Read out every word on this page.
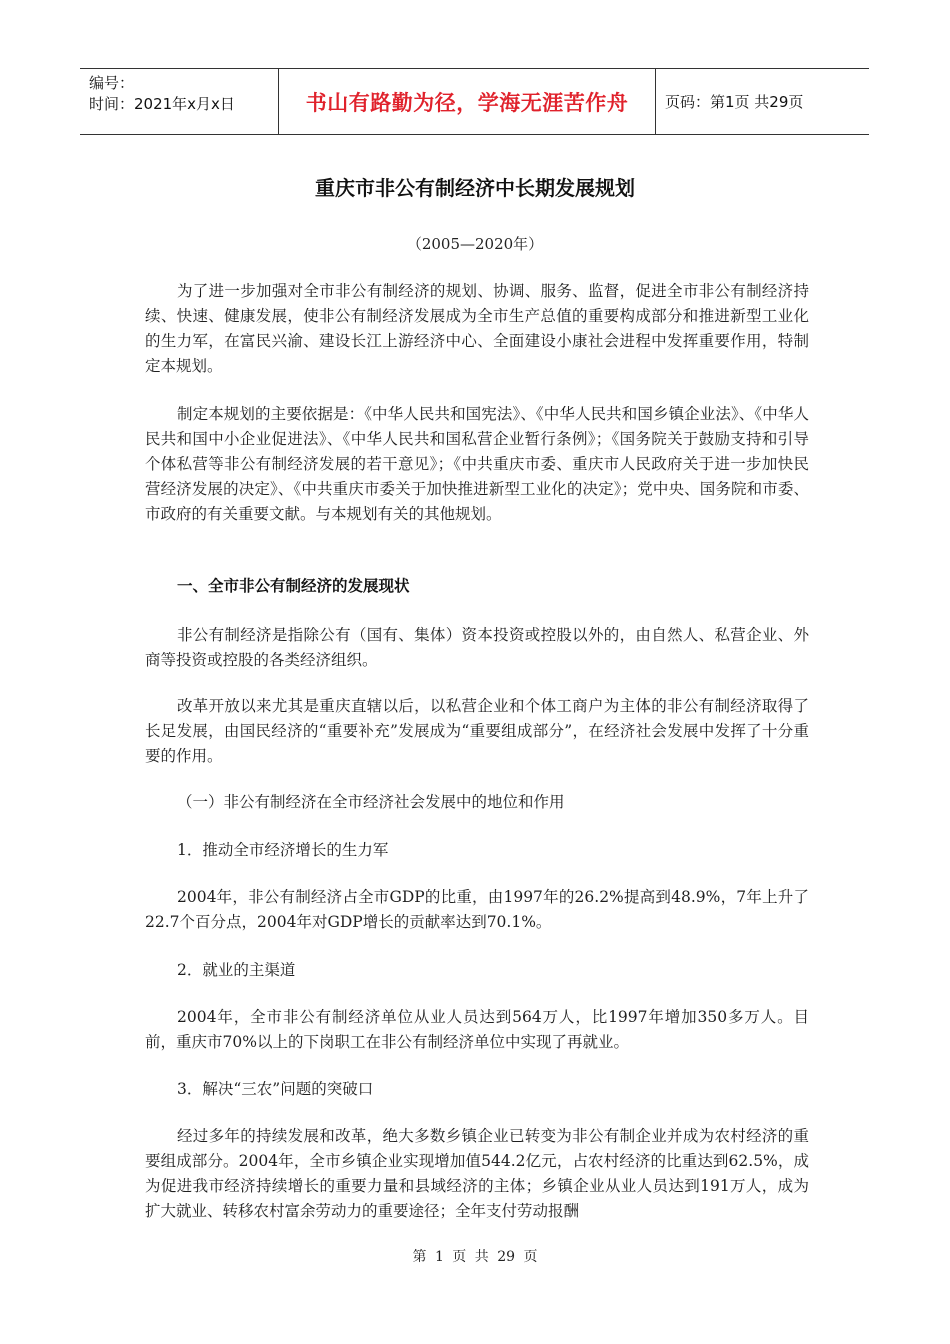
编号：
时间：2021年x月x日	书山有路勤为径，学海无涯苦作舟	页码：第1页 共29页
重庆市非公有制经济中长期发展规划
（2005—2020年）

为了进一步加强对全市非公有制经济的规划、协调、服务、监督，促进全市非公有制经济持续、快速、健康发展，使非公有制经济发展成为全市生产总值的重要构成部分和推进新型工业化的生力军，在富民兴渝、建设长江上游经济中心、全面建设小康社会进程中发挥重要作用，特制定本规划。

制定本规划的主要依据是：《中华人民共和国宪法》、《中华人民共和国乡镇企业法》、《中华人民共和国中小企业促进法》、《中华人民共和国私营企业暂行条例》；《国务院关于鼓励支持和引导个体私营等非公有制经济发展的若干意见》；《中共重庆市委、重庆市人民政府关于进一步加快民营经济发展的决定》、《中共重庆市委关于加快推进新型工业化的决定》；党中央、国务院和市委、市政府的有关重要文献。与本规划有关的其他规划。

一、全市非公有制经济的发展现状

非公有制经济是指除公有（国有、集体）资本投资或控股以外的，由自然人、私营企业、外商等投资或控股的各类经济组织。

改革开放以来尤其是重庆直辖以后，以私营企业和个体工商户为主体的非公有制经济取得了长足发展，由国民经济的“重要补充”发展成为“重要组成部分”，在经济社会发展中发挥了十分重要的作用。

（一）非公有制经济在全市经济社会发展中的地位和作用

1．推动全市经济增长的生力军

2004年，非公有制经济占全市GDP的比重，由1997年的26.2%提高到48.9%，7年上升了22.7个百分点，2004年对GDP增长的贡献率达到70.1%。

2．就业的主渠道

2004年，全市非公有制经济单位从业人员达到564万人，比1997年增加350多万人。目前，重庆市70%以上的下岗职工在非公有制经济单位中实现了再就业。

3．解决“三农”问题的突破口

经过多年的持续发展和改革，绝大多数乡镇企业已转变为非公有制企业并成为农村经济的重要组成部分。2004年，全市乡镇企业实现增加值544.2亿元，占农村经济的比重达到62.5%，成为促进我市经济持续增长的重要力量和县域经济的主体；乡镇企业从业人员达到191万人，成为扩大就业、转移农村富余劳动力的重要途径；全年支付劳动报酬

第 1 页 共 29 页
